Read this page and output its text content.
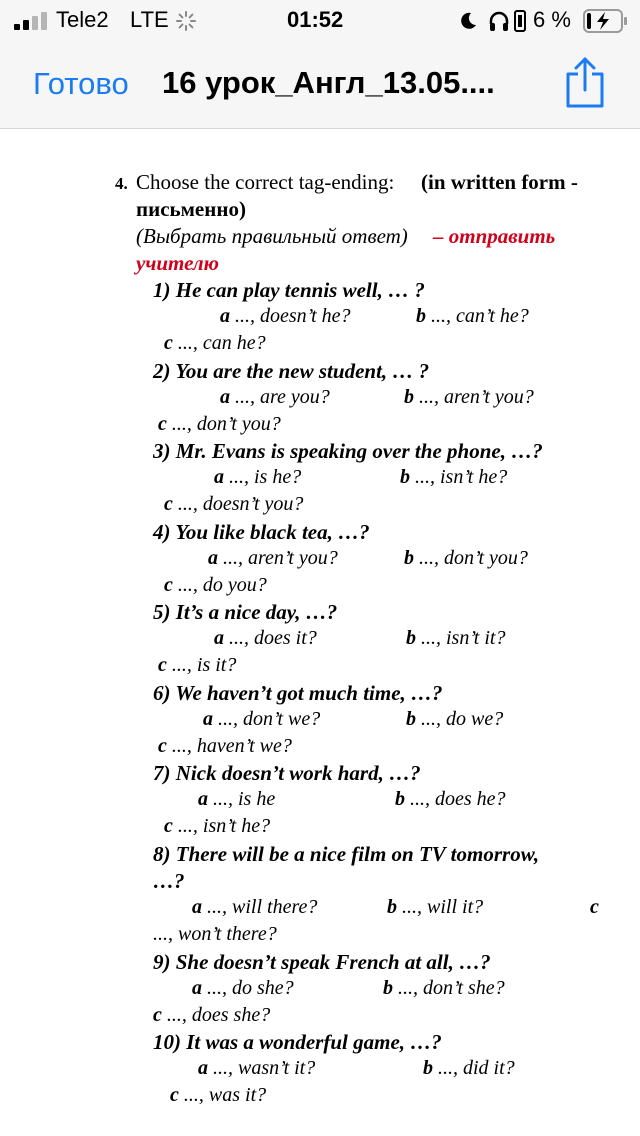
Tele2 LTE	01:52	6 %
Готово 16 урок_Англ_13.05....
4. Choose the correct tag-ending: (in written form -
письменно)
(Выбрать правильный ответ) – отправить
учителю
1) He can play tennis well, … ?
a ..., doesn’t he?	b ..., can’t he?
c ..., can he?
2) You are the new student, … ?
a ..., are you?	b ..., aren’t you?
c ..., don’t you?
3) Mr. Evans is speaking over the phone, …?
a ..., is he?	b ..., isn’t he?
c ..., doesn’t you?
4) You like black tea, …?
a ..., aren’t you?	b ..., don’t you?
c ..., do you?
5) It’s a nice day, …?
a ..., does it?	b ..., isn’t it?
c ..., is it?
6) We haven’t got much time, …?
a ..., don’t we?	b ..., do we?
c ..., haven’t we?
7) Nick doesn’t work hard, …?
a ..., is he	b ..., does he?
c ..., isn’t he?
8) There will be a nice film on TV tomorrow,
…?
a ..., will there?	b ..., will it?	c
..., won’t there?
9) She doesn’t speak French at all, …?
a ..., do she?	b ..., don’t she?
c ..., does she?
10) It was a wonderful game, …?
a ..., wasn’t it?	b ..., did it?
c ..., was it?
